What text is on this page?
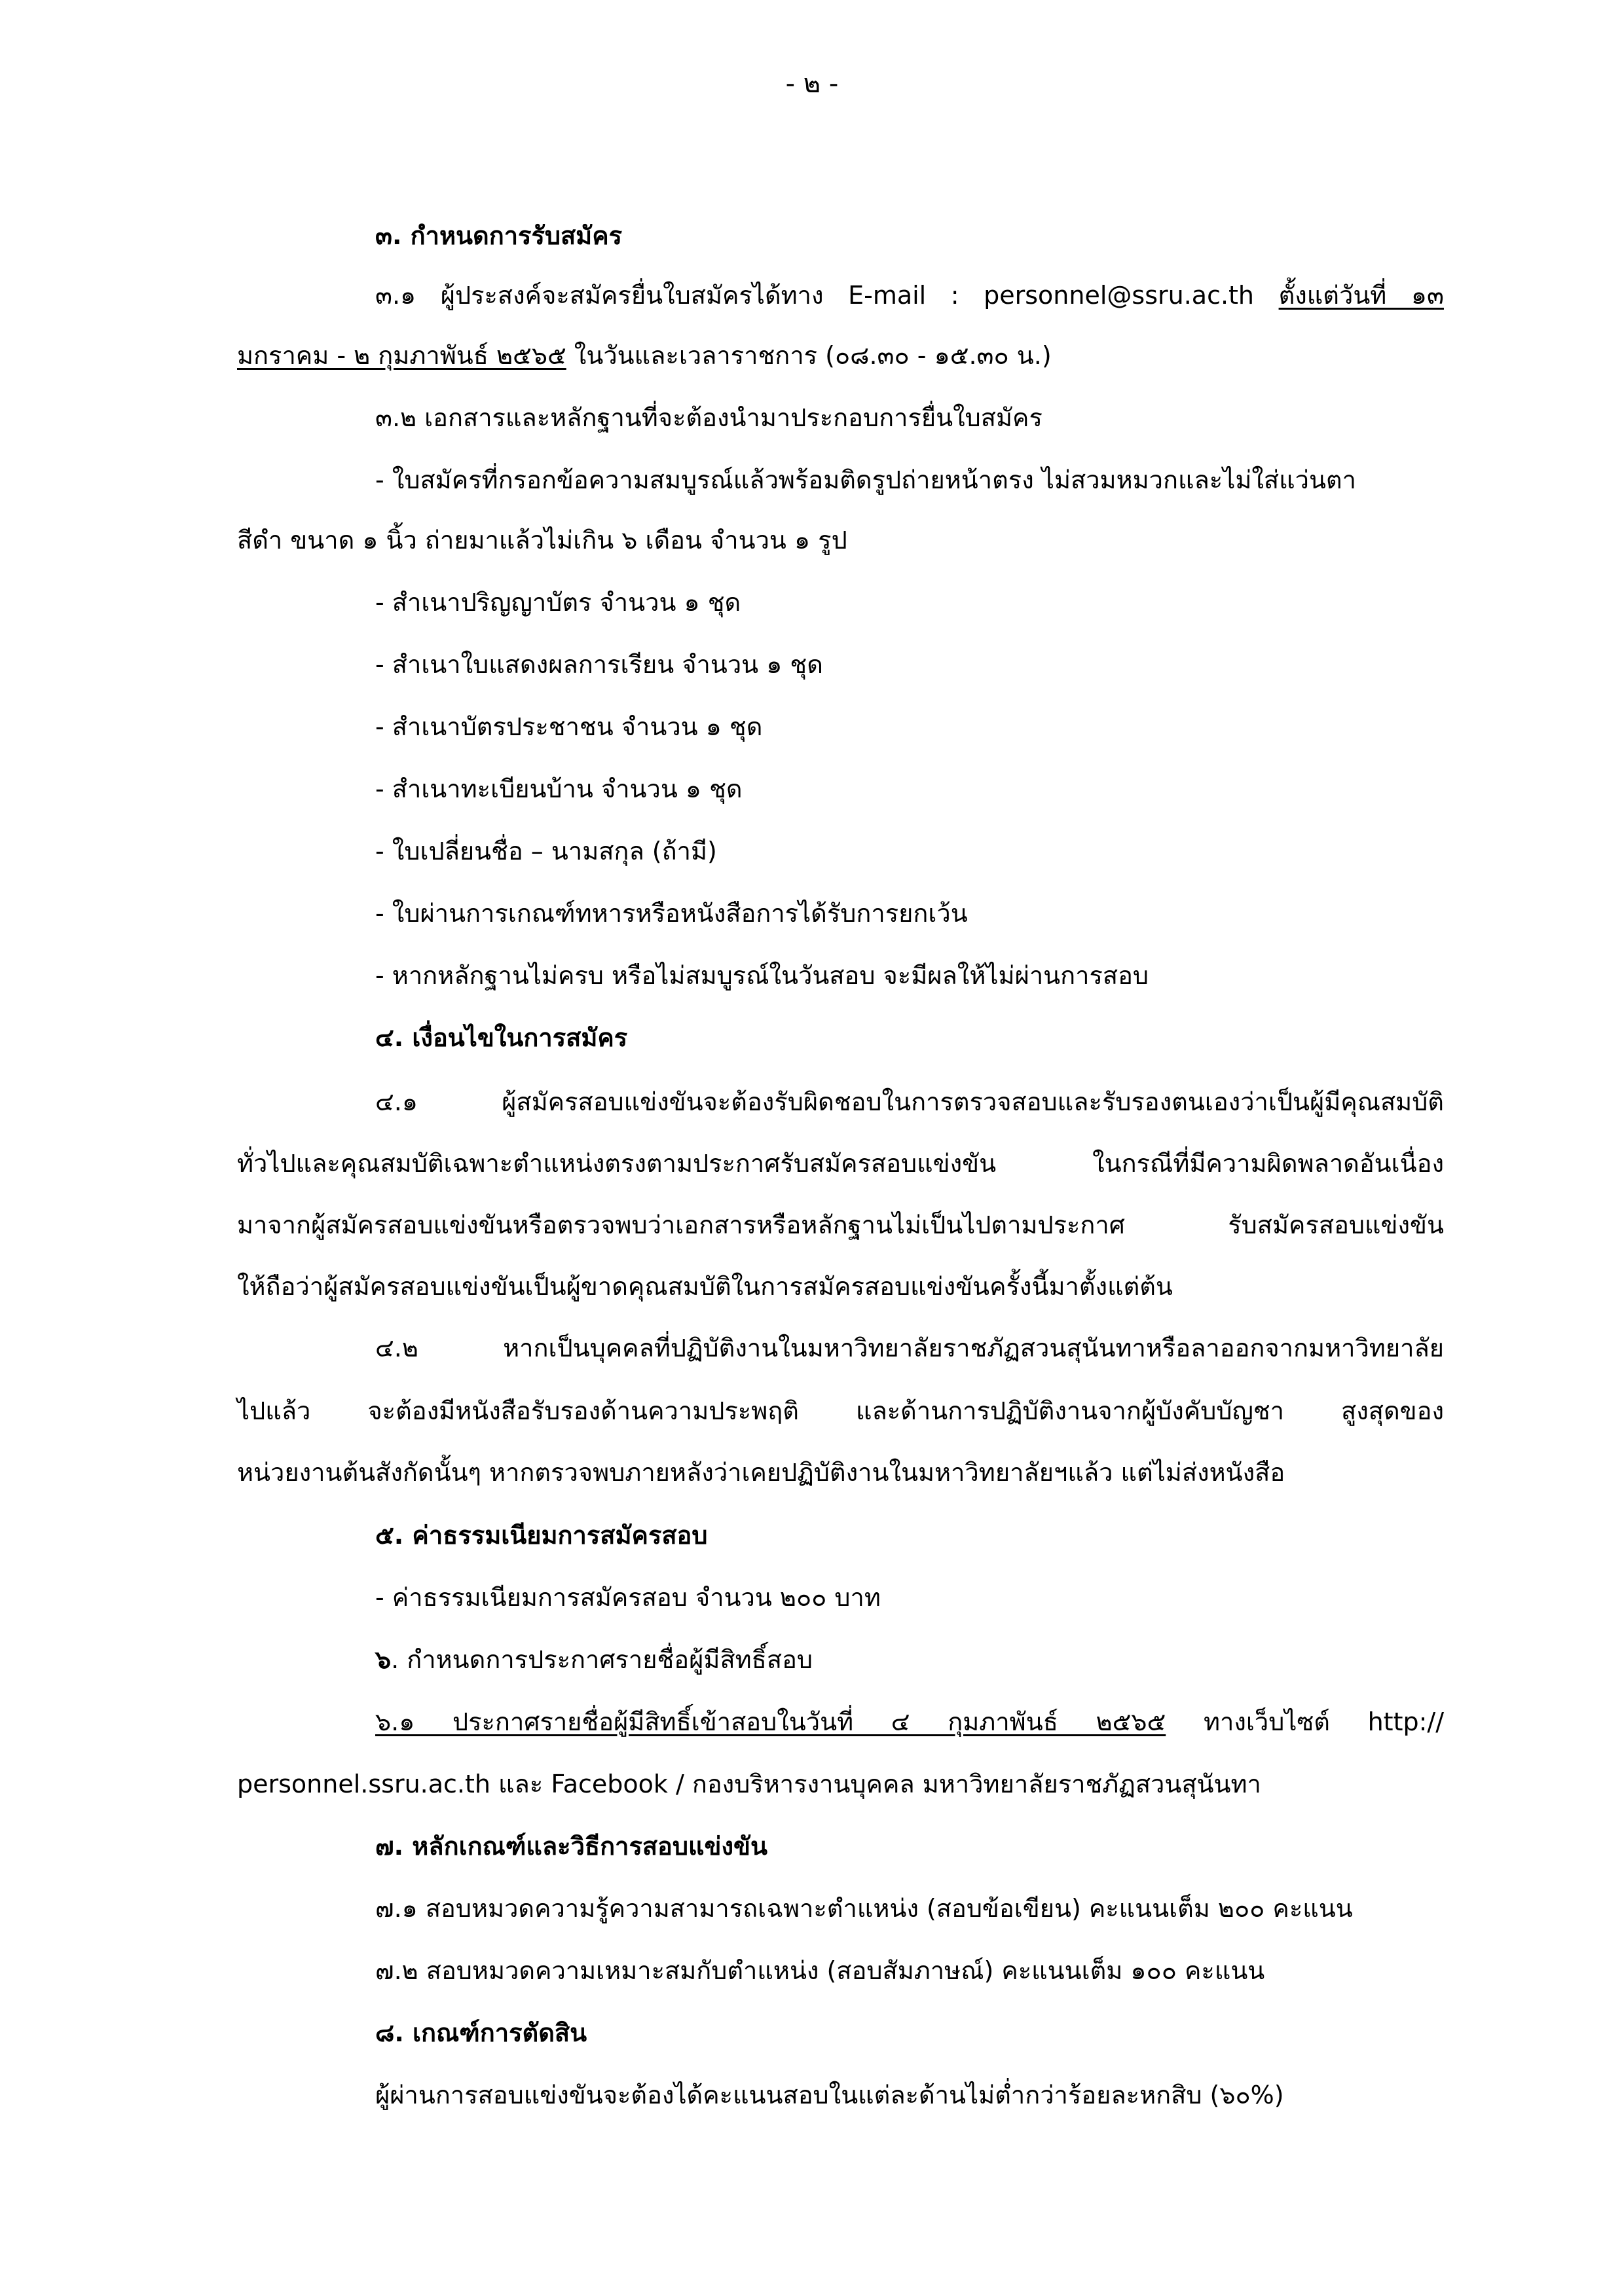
- ๒ -
๓. กำหนดการรับสมัคร
๓.๑ ผู้ประสงค์จะสมัครยื่นใบสมัครได้ทาง E-mail : personnel@ssru.ac.th ตั้งแต่วันที่ ๑๓
มกราคม - ๒ กุมภาพันธ์ ๒๕๖๕ ในวันและเวลาราชการ (๐๘.๓๐ - ๑๕.๓๐ น.)
๓.๒ เอกสารและหลักฐานที่จะต้องนำมาประกอบการยื่นใบสมัคร
- ใบสมัครที่กรอกข้อความสมบูรณ์แล้วพร้อมติดรูปถ่ายหน้าตรง ไม่สวมหมวกและไม่ใส่แว่นตา
สีดำ ขนาด ๑ นิ้ว ถ่ายมาแล้วไม่เกิน ๖ เดือน จำนวน ๑ รูป
- สำเนาปริญญาบัตร จำนวน ๑ ชุด
- สำเนาใบแสดงผลการเรียน จำนวน ๑ ชุด
- สำเนาบัตรประชาชน จำนวน ๑ ชุด
- สำเนาทะเบียนบ้าน จำนวน ๑ ชุด
- ใบเปลี่ยนชื่อ – นามสกุล (ถ้ามี)
- ใบผ่านการเกณฑ์ทหารหรือหนังสือการได้รับการยกเว้น
- หากหลักฐานไม่ครบ หรือไม่สมบูรณ์ในวันสอบ จะมีผลให้ไม่ผ่านการสอบ
๔. เงื่อนไขในการสมัคร
๔.๑ ผู้สมัครสอบแข่งขันจะต้องรับผิดชอบในการตรวจสอบและรับรองตนเองว่าเป็นผู้มีคุณสมบัติ
ทั่วไปและคุณสมบัติเฉพาะตำแหน่งตรงตามประกาศรับสมัครสอบแข่งขัน ในกรณีที่มีความผิดพลาดอันเนื่อง
มาจากผู้สมัครสอบแข่งขันหรือตรวจพบว่าเอกสารหรือหลักฐานไม่เป็นไปตามประกาศ รับสมัครสอบแข่งขัน
ให้ถือว่าผู้สมัครสอบแข่งขันเป็นผู้ขาดคุณสมบัติในการสมัครสอบแข่งขันครั้งนี้มาตั้งแต่ต้น
๔.๒ หากเป็นบุคคลที่ปฏิบัติงานในมหาวิทยาลัยราชภัฏสวนสุนันทาหรือลาออกจากมหาวิทยาลัย
ไปแล้ว จะต้องมีหนังสือรับรองด้านความประพฤติ และด้านการปฏิบัติงานจากผู้บังคับบัญชา สูงสุดของ
หน่วยงานต้นสังกัดนั้นๆ หากตรวจพบภายหลังว่าเคยปฏิบัติงานในมหาวิทยาลัยฯแล้ว แต่ไม่ส่งหนังสือ
๕. ค่าธรรมเนียมการสมัครสอบ
- ค่าธรรมเนียมการสมัครสอบ จำนวน ๒๐๐ บาท
๖. กำหนดการประกาศรายชื่อผู้มีสิทธิ์สอบ
๖.๑ ประกาศรายชื่อผู้มีสิทธิ์เข้าสอบในวันที่ ๔ กุมภาพันธ์ ๒๕๖๕ ทางเว็บไซต์ http://
personnel.ssru.ac.th และ Facebook / กองบริหารงานบุคคล มหาวิทยาลัยราชภัฏสวนสุนันทา
๗. หลักเกณฑ์และวิธีการสอบแข่งขัน
๗.๑ สอบหมวดความรู้ความสามารถเฉพาะตำแหน่ง (สอบข้อเขียน) คะแนนเต็ม ๒๐๐ คะแนน
๗.๒ สอบหมวดความเหมาะสมกับตำแหน่ง (สอบสัมภาษณ์) คะแนนเต็ม ๑๐๐ คะแนน
๘. เกณฑ์การตัดสิน
ผู้ผ่านการสอบแข่งขันจะต้องได้คะแนนสอบในแต่ละด้านไม่ต่ำกว่าร้อยละหกสิบ (๖๐%)
